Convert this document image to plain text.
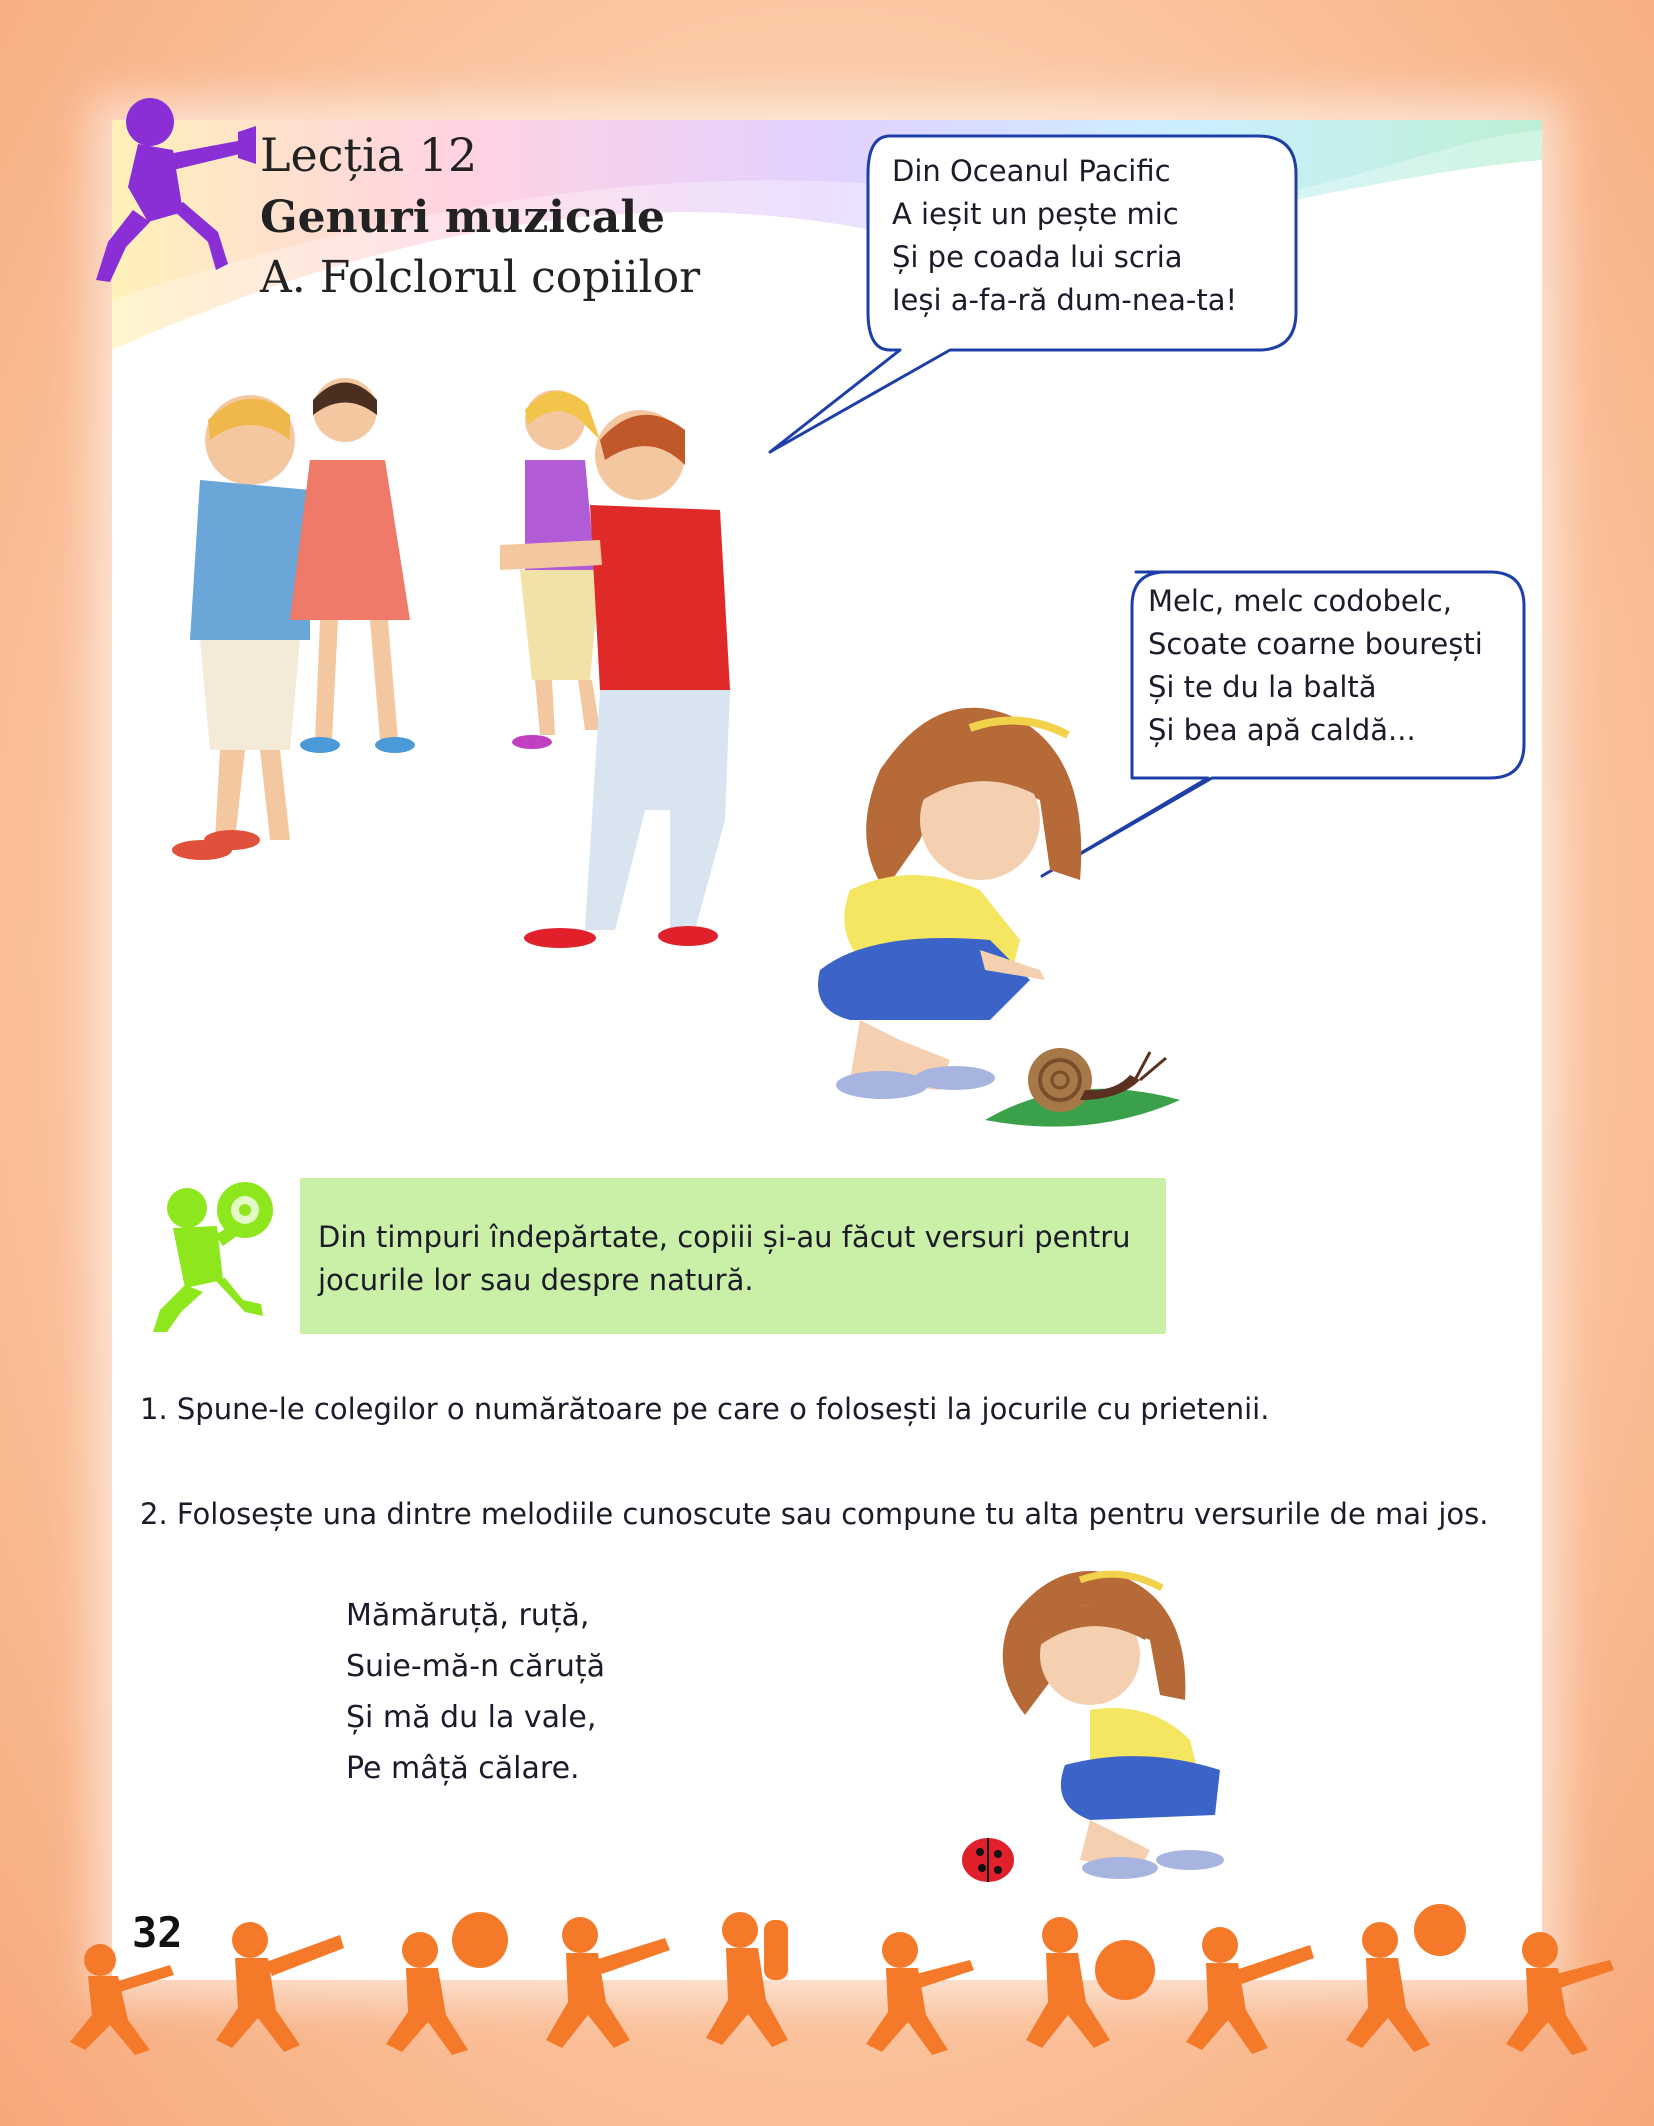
Lecția 12
Genuri muzicale
A. Folclorul copiilor
Din Oceanul Pacific
A ieșit un pește mic
Și pe coada lui scria
Ieși a-fa-ră dum-nea-ta!
Melc, melc codobelc,
Scoate coarne bourești
Și te du la baltă
Și bea apă caldă...
Din timpuri îndepărtate, copiii și-au făcut versuri pentru jocurile lor sau despre natură.
1. Spune-le colegilor o numărătoare pe care o folosești la jocurile cu prietenii.
2. Folosește una dintre melodiile cunoscute sau compune tu alta pentru versurile de mai jos.
Mămăruță, ruță,
Suie-mă-n căruță
Și mă du la vale,
Pe mâță călare.
32
